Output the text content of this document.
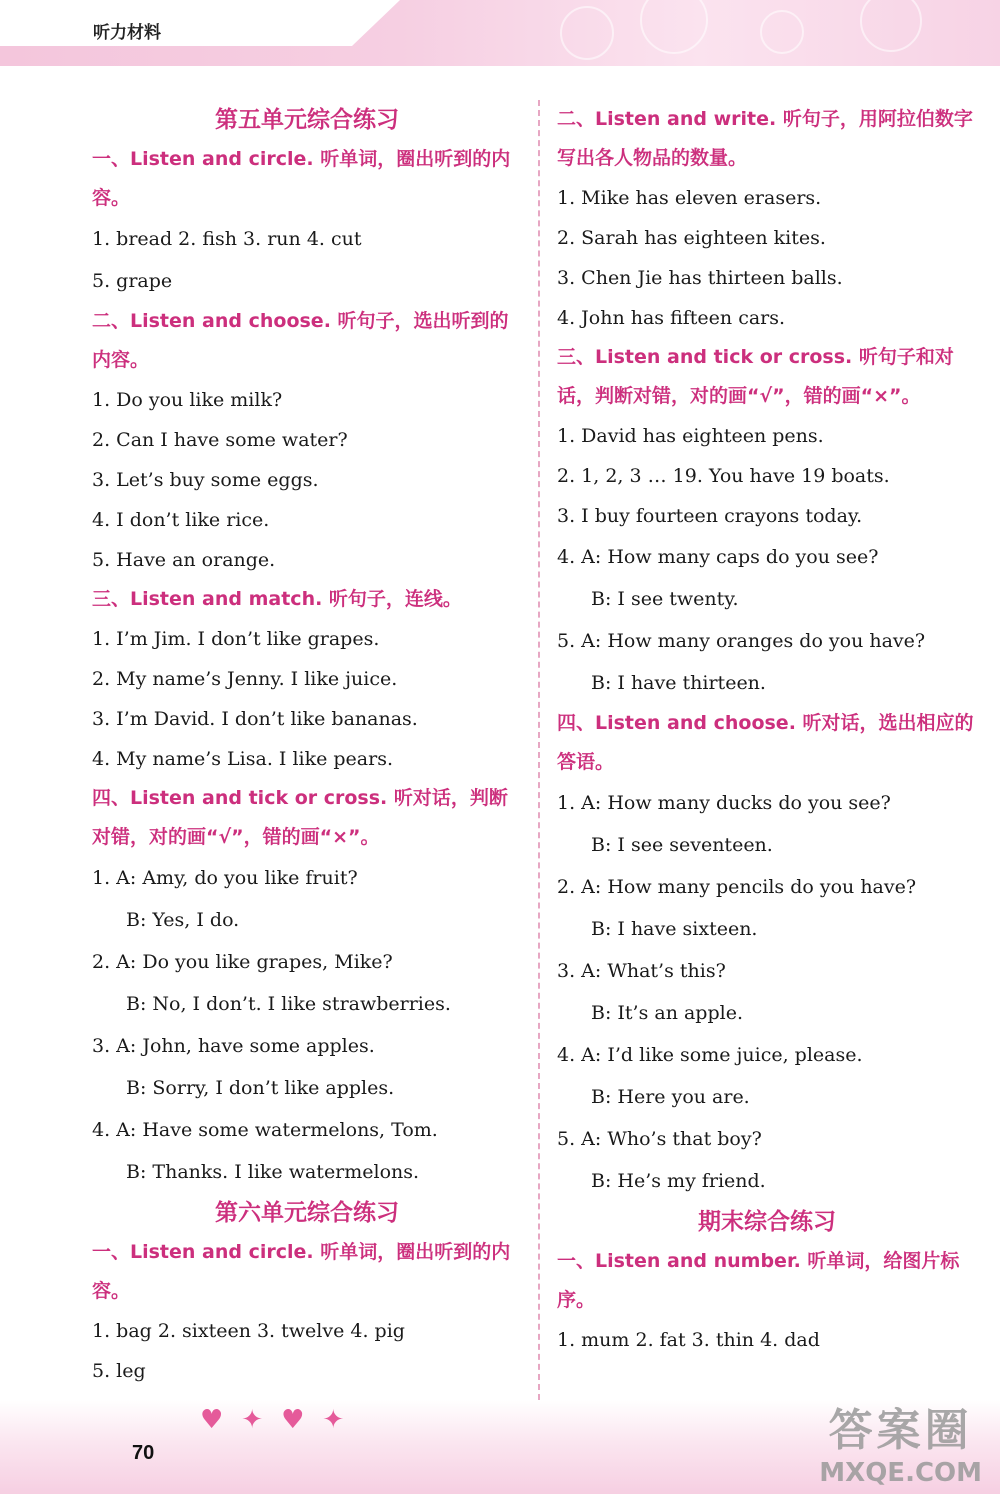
听力材料

第五单元综合练习

一、Listen and circle. 听单词，圈出听到的内容。

1. bread 2. fish 3. run 4. cut
5. grape

二、Listen and choose. 听句子，选出听到的内容。

1. Do you like milk?
2. Can I have some water?
3. Let’s buy some eggs.
4. I don’t like rice.
5. Have an orange.

三、Listen and match. 听句子，连线。

1. I’m Jim. I don’t like grapes.
2. My name’s Jenny. I like juice.
3. I’m David. I don’t like bananas.
4. My name’s Lisa. I like pears.

四、Listen and tick or cross. 听对话，判断对错，对的画“√”，错的画“×”。

1. A: Amy, do you like fruit?
B: Yes, I do.
2. A: Do you like grapes, Mike?
B: No, I don’t. I like strawberries.
3. A: John, have some apples.
B: Sorry, I don’t like apples.
4. A: Have some watermelons, Tom.
B: Thanks. I like watermelons.

第六单元综合练习

一、Listen and circle. 听单词，圈出听到的内容。

1. bag 2. sixteen 3. twelve 4. pig
5. leg

二、Listen and write. 听句子，用阿拉伯数字写出各人物品的数量。

1. Mike has eleven erasers.
2. Sarah has eighteen kites.
3. Chen Jie has thirteen balls.
4. John has fifteen cars.

三、Listen and tick or cross. 听句子和对话，判断对错，对的画“√”，错的画“×”。

1. David has eighteen pens.
2. 1, 2, 3 … 19. You have 19 boats.
3. I buy fourteen crayons today.
4. A: How many caps do you see?
B: I see twenty.
5. A: How many oranges do you have?
B: I have thirteen.

四、Listen and choose. 听对话，选出相应的答语。

1. A: How many ducks do you see?
B: I see seventeen.
2. A: How many pencils do you have?
B: I have sixteen.
3. A: What’s this?
B: It’s an apple.
4. A: I’d like some juice, please.
B: Here you are.
5. A: Who’s that boy?
B: He’s my friend.

期末综合练习

一、Listen and number. 听单词，给图片标序。

1. mum 2. fat 3. thin 4. dad
♥✦♥✦
70	答案圈
MXQE.COM
